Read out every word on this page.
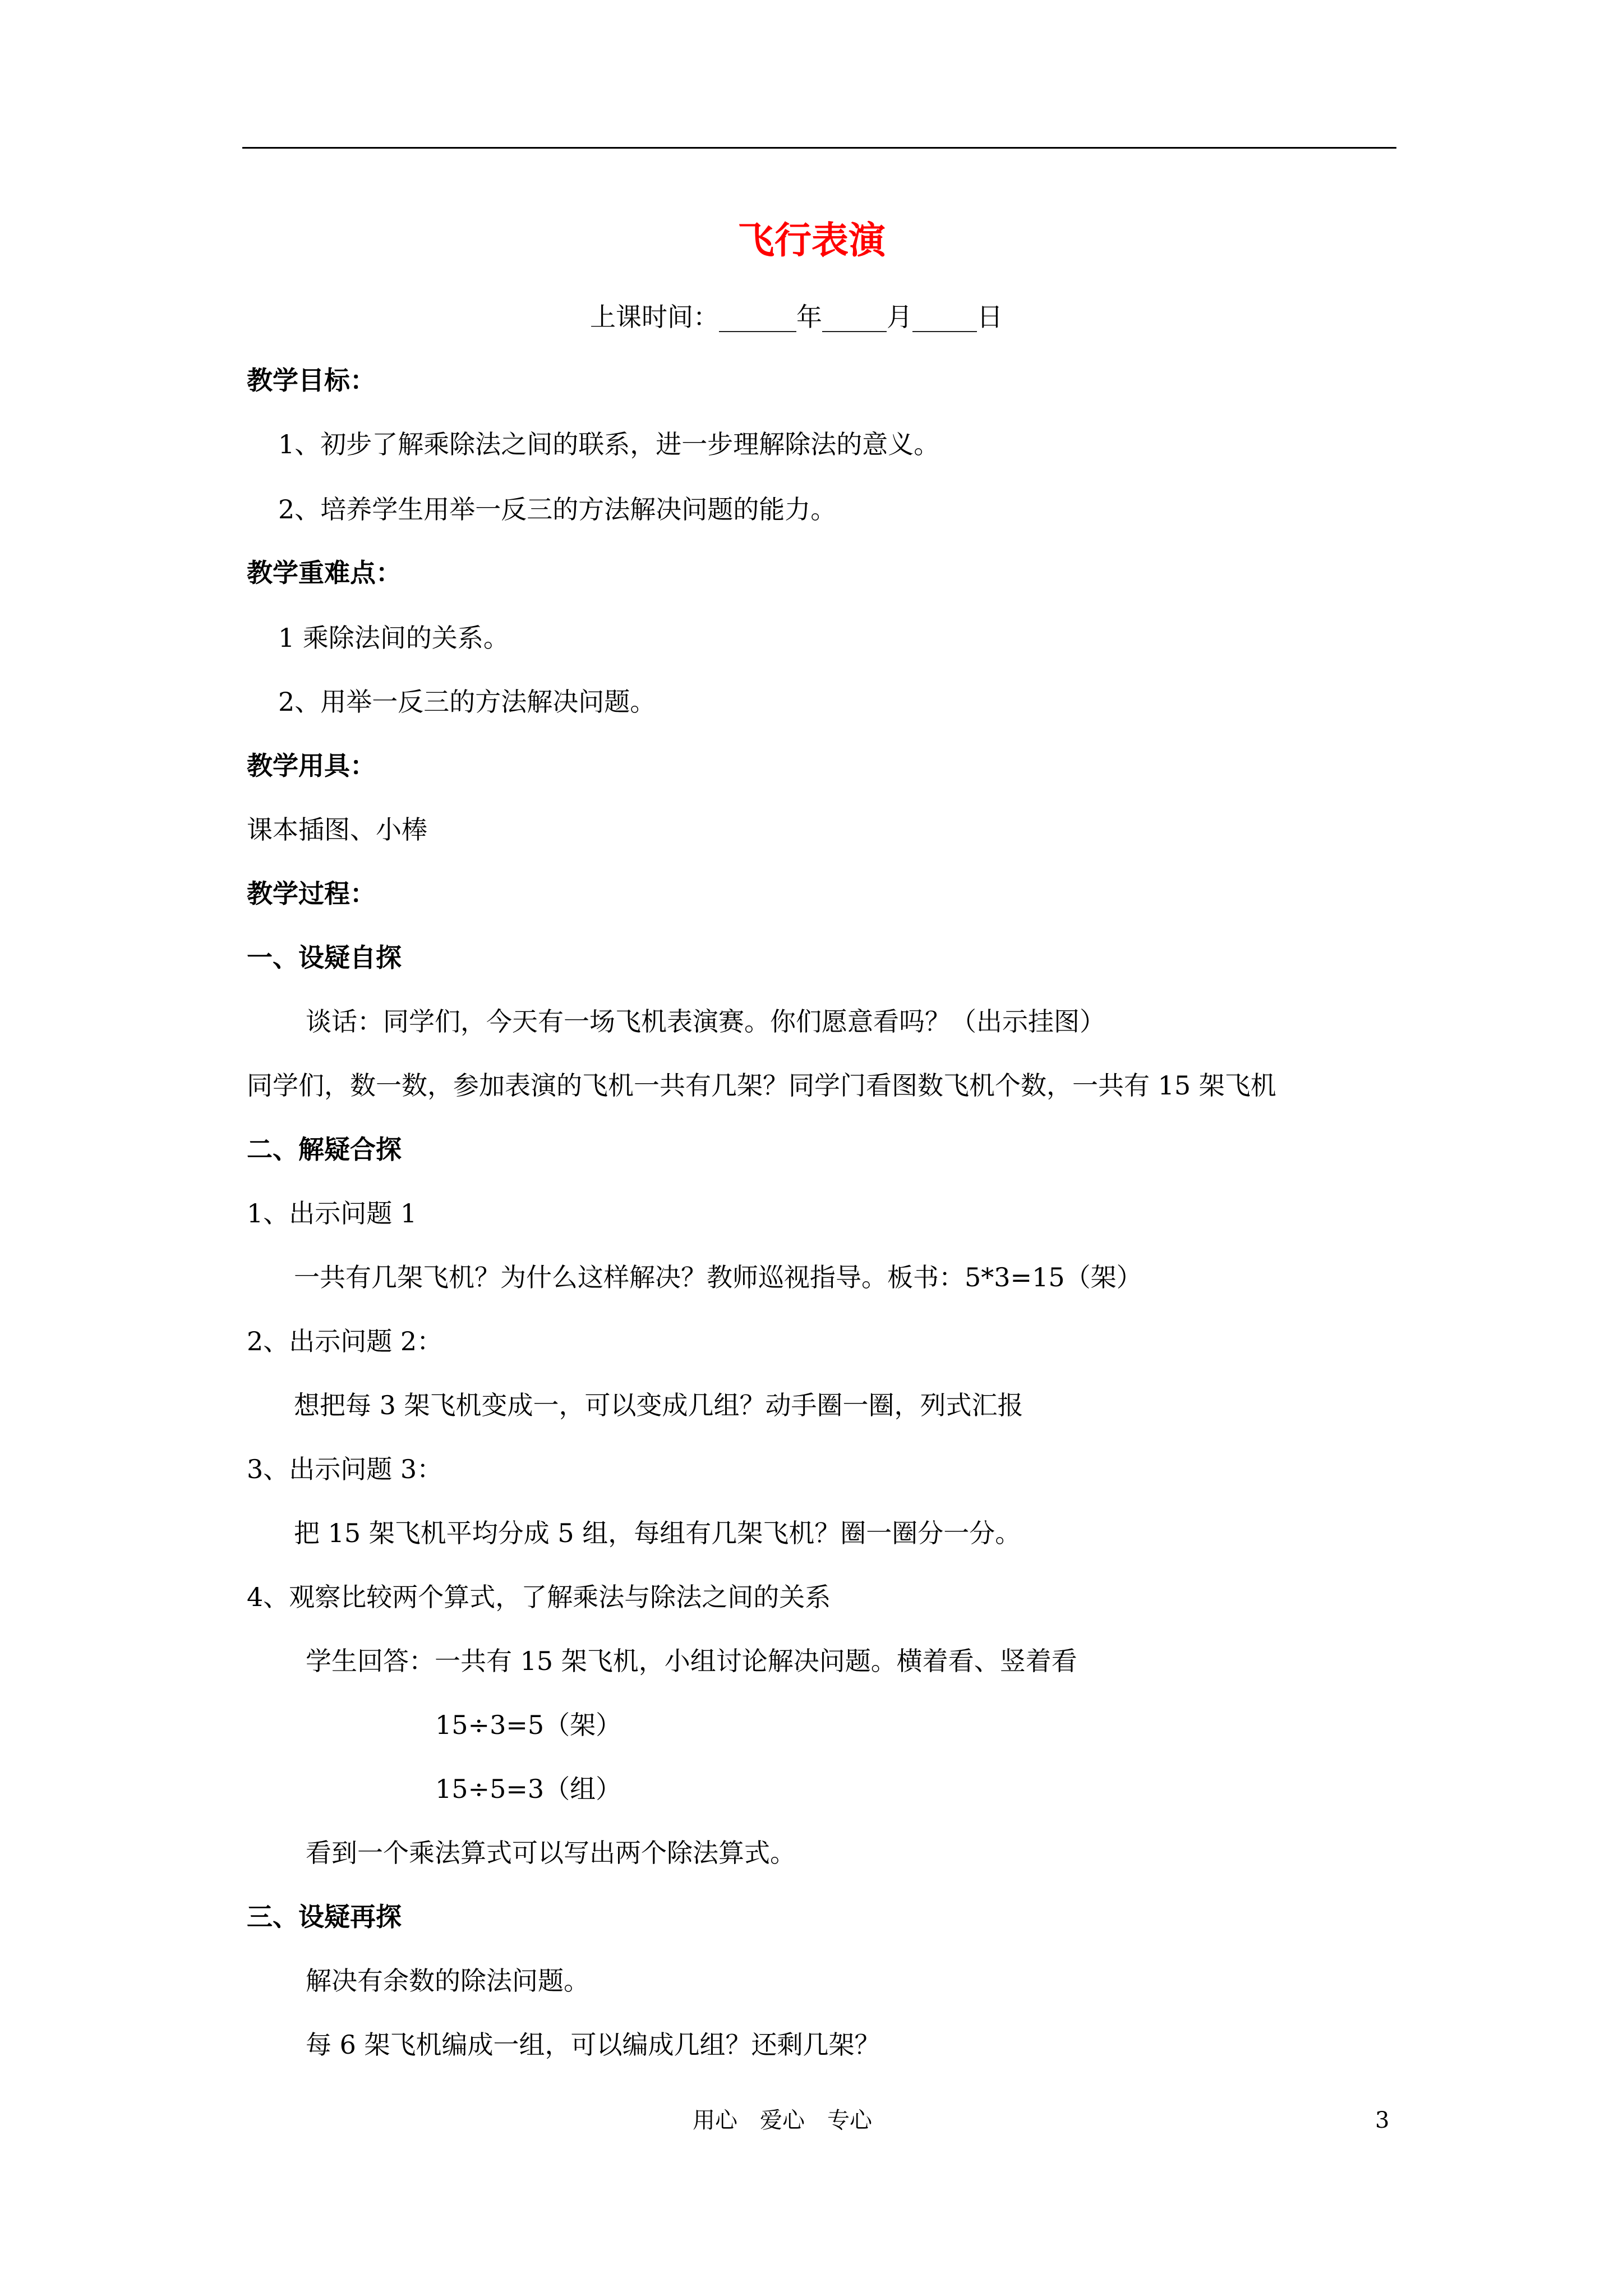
飞行表演
上课时间：______年_____月_____日
教学目标：
1、初步了解乘除法之间的联系，进一步理解除法的意义。
2、培养学生用举一反三的方法解决问题的能力。
教学重难点：
1 乘除法间的关系。
2、用举一反三的方法解决问题。
教学用具：
课本插图、小棒
教学过程：
一、设疑自探
谈话：同学们，今天有一场飞机表演赛。你们愿意看吗？（出示挂图）
同学们，数一数，参加表演的飞机一共有几架？同学门看图数飞机个数，一共有 15 架飞机
二、解疑合探
1、出示问题 1
一共有几架飞机？为什么这样解决？教师巡视指导。板书：5*3=15（架）
2、出示问题 2：
想把每 3 架飞机变成一，可以变成几组？动手圈一圈，列式汇报
3、出示问题 3：
把 15 架飞机平均分成 5 组，每组有几架飞机？圈一圈分一分。
4、观察比较两个算式，了解乘法与除法之间的关系
学生回答：一共有 15 架飞机，小组讨论解决问题。横着看、竖着看
15÷3=5（架）
15÷5=3（组）
看到一个乘法算式可以写出两个除法算式。
三、设疑再探
解决有余数的除法问题。
每 6 架飞机编成一组，可以编成几组？还剩几架？
用心　爱心　专心	3
